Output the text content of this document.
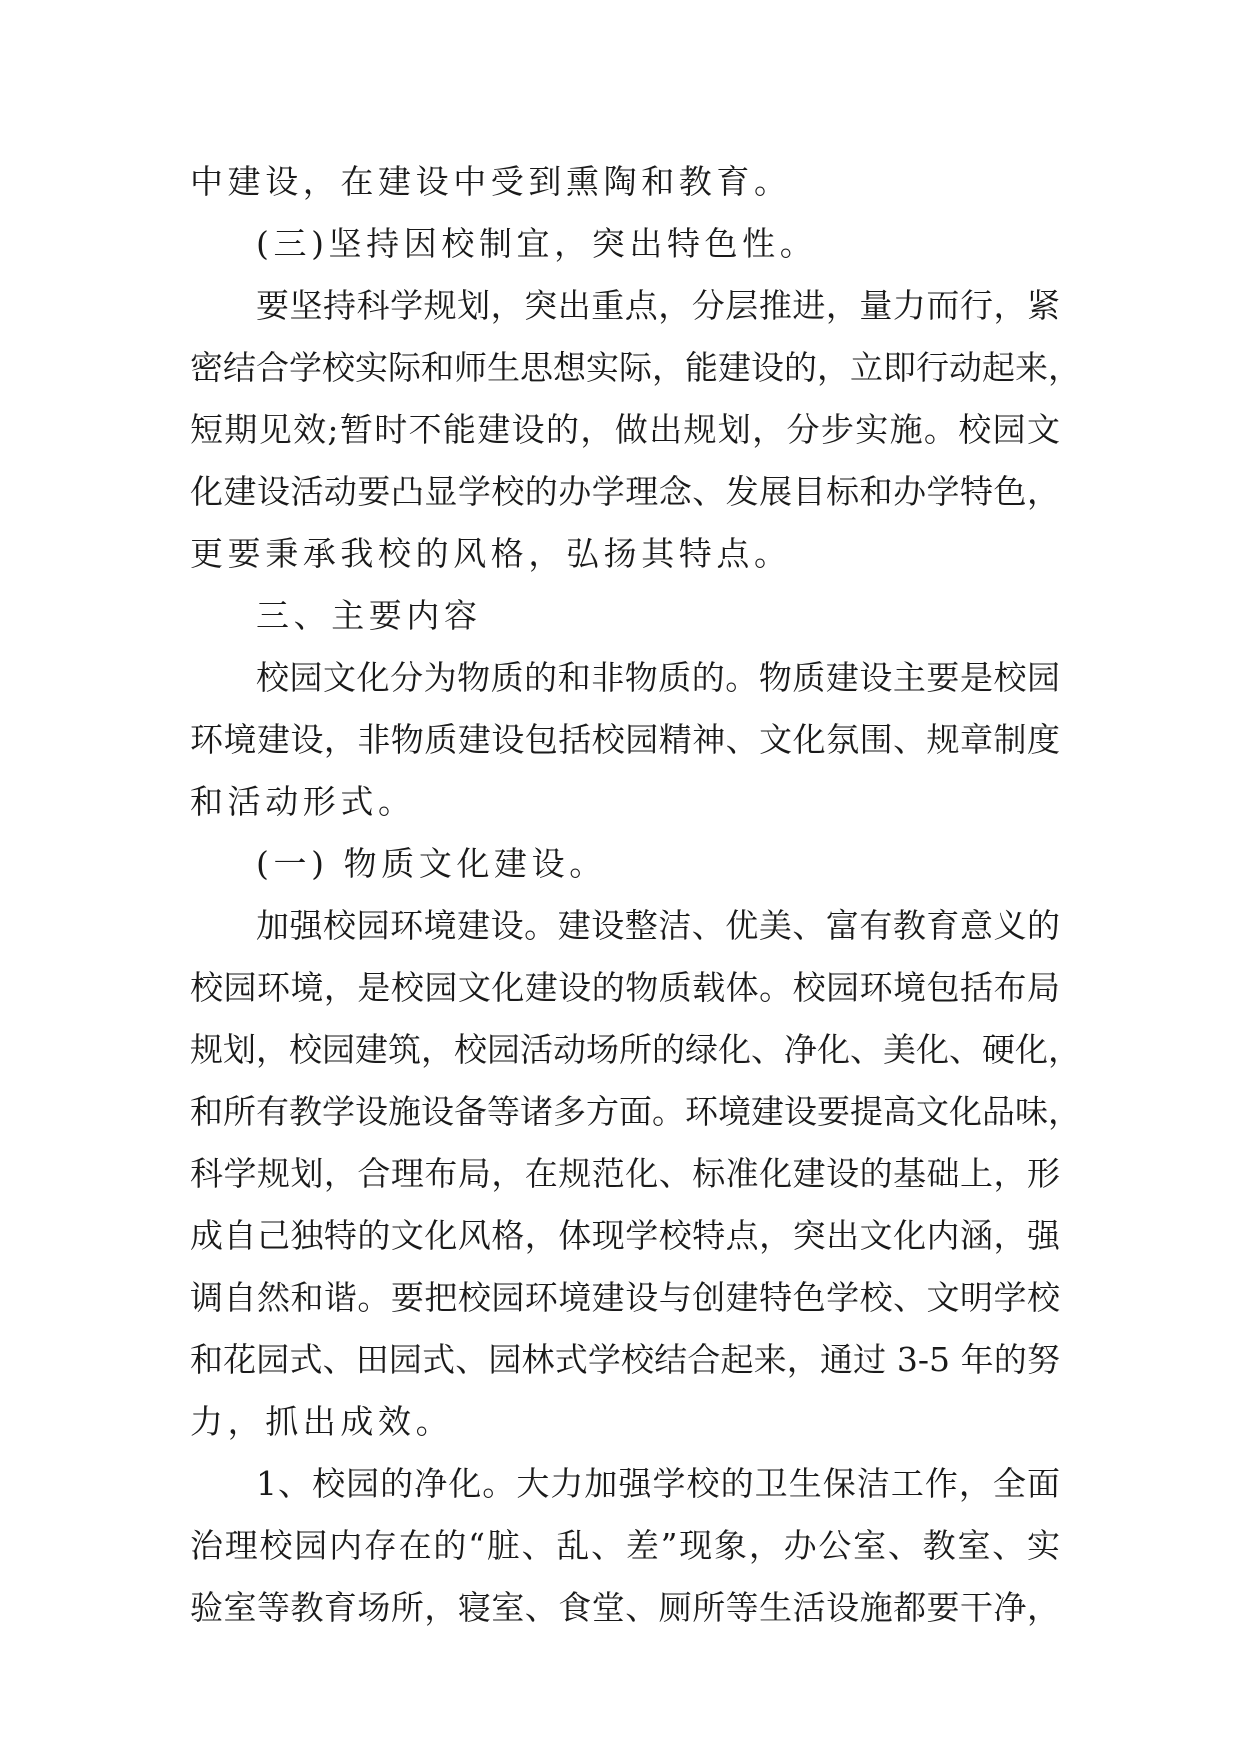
中建设，在建设中受到熏陶和教育。

(三)坚持因校制宜，突出特色性。

要坚持科学规划，突出重点，分层推进，量力而行，紧

密结合学校实际和师生思想实际，能建设的，立即行动起来，

短期见效;暂时不能建设的，做出规划，分步实施。校园文

化建设活动要凸显学校的办学理念、发展目标和办学特色，

更要秉承我校的风格，弘扬其特点。

三、主要内容

校园文化分为物质的和非物质的。物质建设主要是校园

环境建设，非物质建设包括校园精神、文化氛围、规章制度

和活动形式。

(一) 物质文化建设。

加强校园环境建设。建设整洁、优美、富有教育意义的

校园环境，是校园文化建设的物质载体。校园环境包括布局

规划，校园建筑，校园活动场所的绿化、净化、美化、硬化，

和所有教学设施设备等诸多方面。环境建设要提高文化品味，

科学规划，合理布局，在规范化、标准化建设的基础上，形

成自己独特的文化风格，体现学校特点，突出文化内涵，强

调自然和谐。要把校园环境建设与创建特色学校、文明学校

和花园式、田园式、园林式学校结合起来，通过 3-5 年的努

力，抓出成效。

1、校园的净化。大力加强学校的卫生保洁工作，全面

治理校园内存在的“脏、乱、差”现象，办公室、教室、实

验室等教育场所，寝室、食堂、厕所等生活设施都要干净，
